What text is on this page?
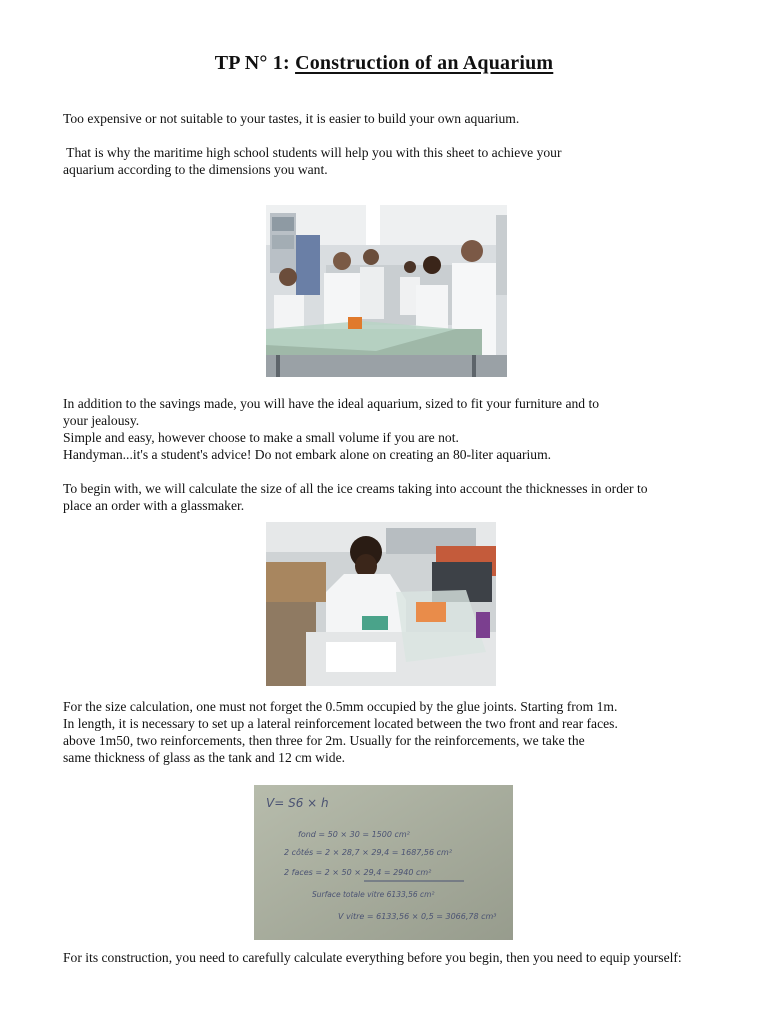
TP N° 1: Construction of an Aquarium

Too expensive or not suitable to your tastes, it is easier to build your own aquarium.

That is why the maritime high school students will help you with this sheet to achieve your

aquarium according to the dimensions you want.

In addition to the savings made, you will have the ideal aquarium, sized to fit your furniture and to

your jealousy.

Simple and easy, however choose to make a small volume if you are not.

Handyman...it's a student's advice! Do not embark alone on creating an 80-liter aquarium.

To begin with, we will calculate the size of all the ice creams taking into account the thicknesses in order to

place an order with a glassmaker.

For the size calculation, one must not forget the 0.5mm occupied by the glue joints. Starting from 1m.

In length, it is necessary to set up a lateral reinforcement located between the two front and rear faces.

above 1m50, two reinforcements, then three for 2m. Usually for the reinforcements, we take the

same thickness of glass as the tank and 12 cm wide.

V= S6 × h
fond = 50 × 30 = 1500 cm²
2 côtés = 2 × 28,7 × 29,4 = 1687,56 cm²
2 faces = 2 × 50 × 29,4 = 2940 cm²
Surface totale vitre 6133,56 cm²
V vitre = 6133,56 × 0,5 = 3066,78 cm³

For its construction, you need to carefully calculate everything before you begin, then you need to equip yourself:
